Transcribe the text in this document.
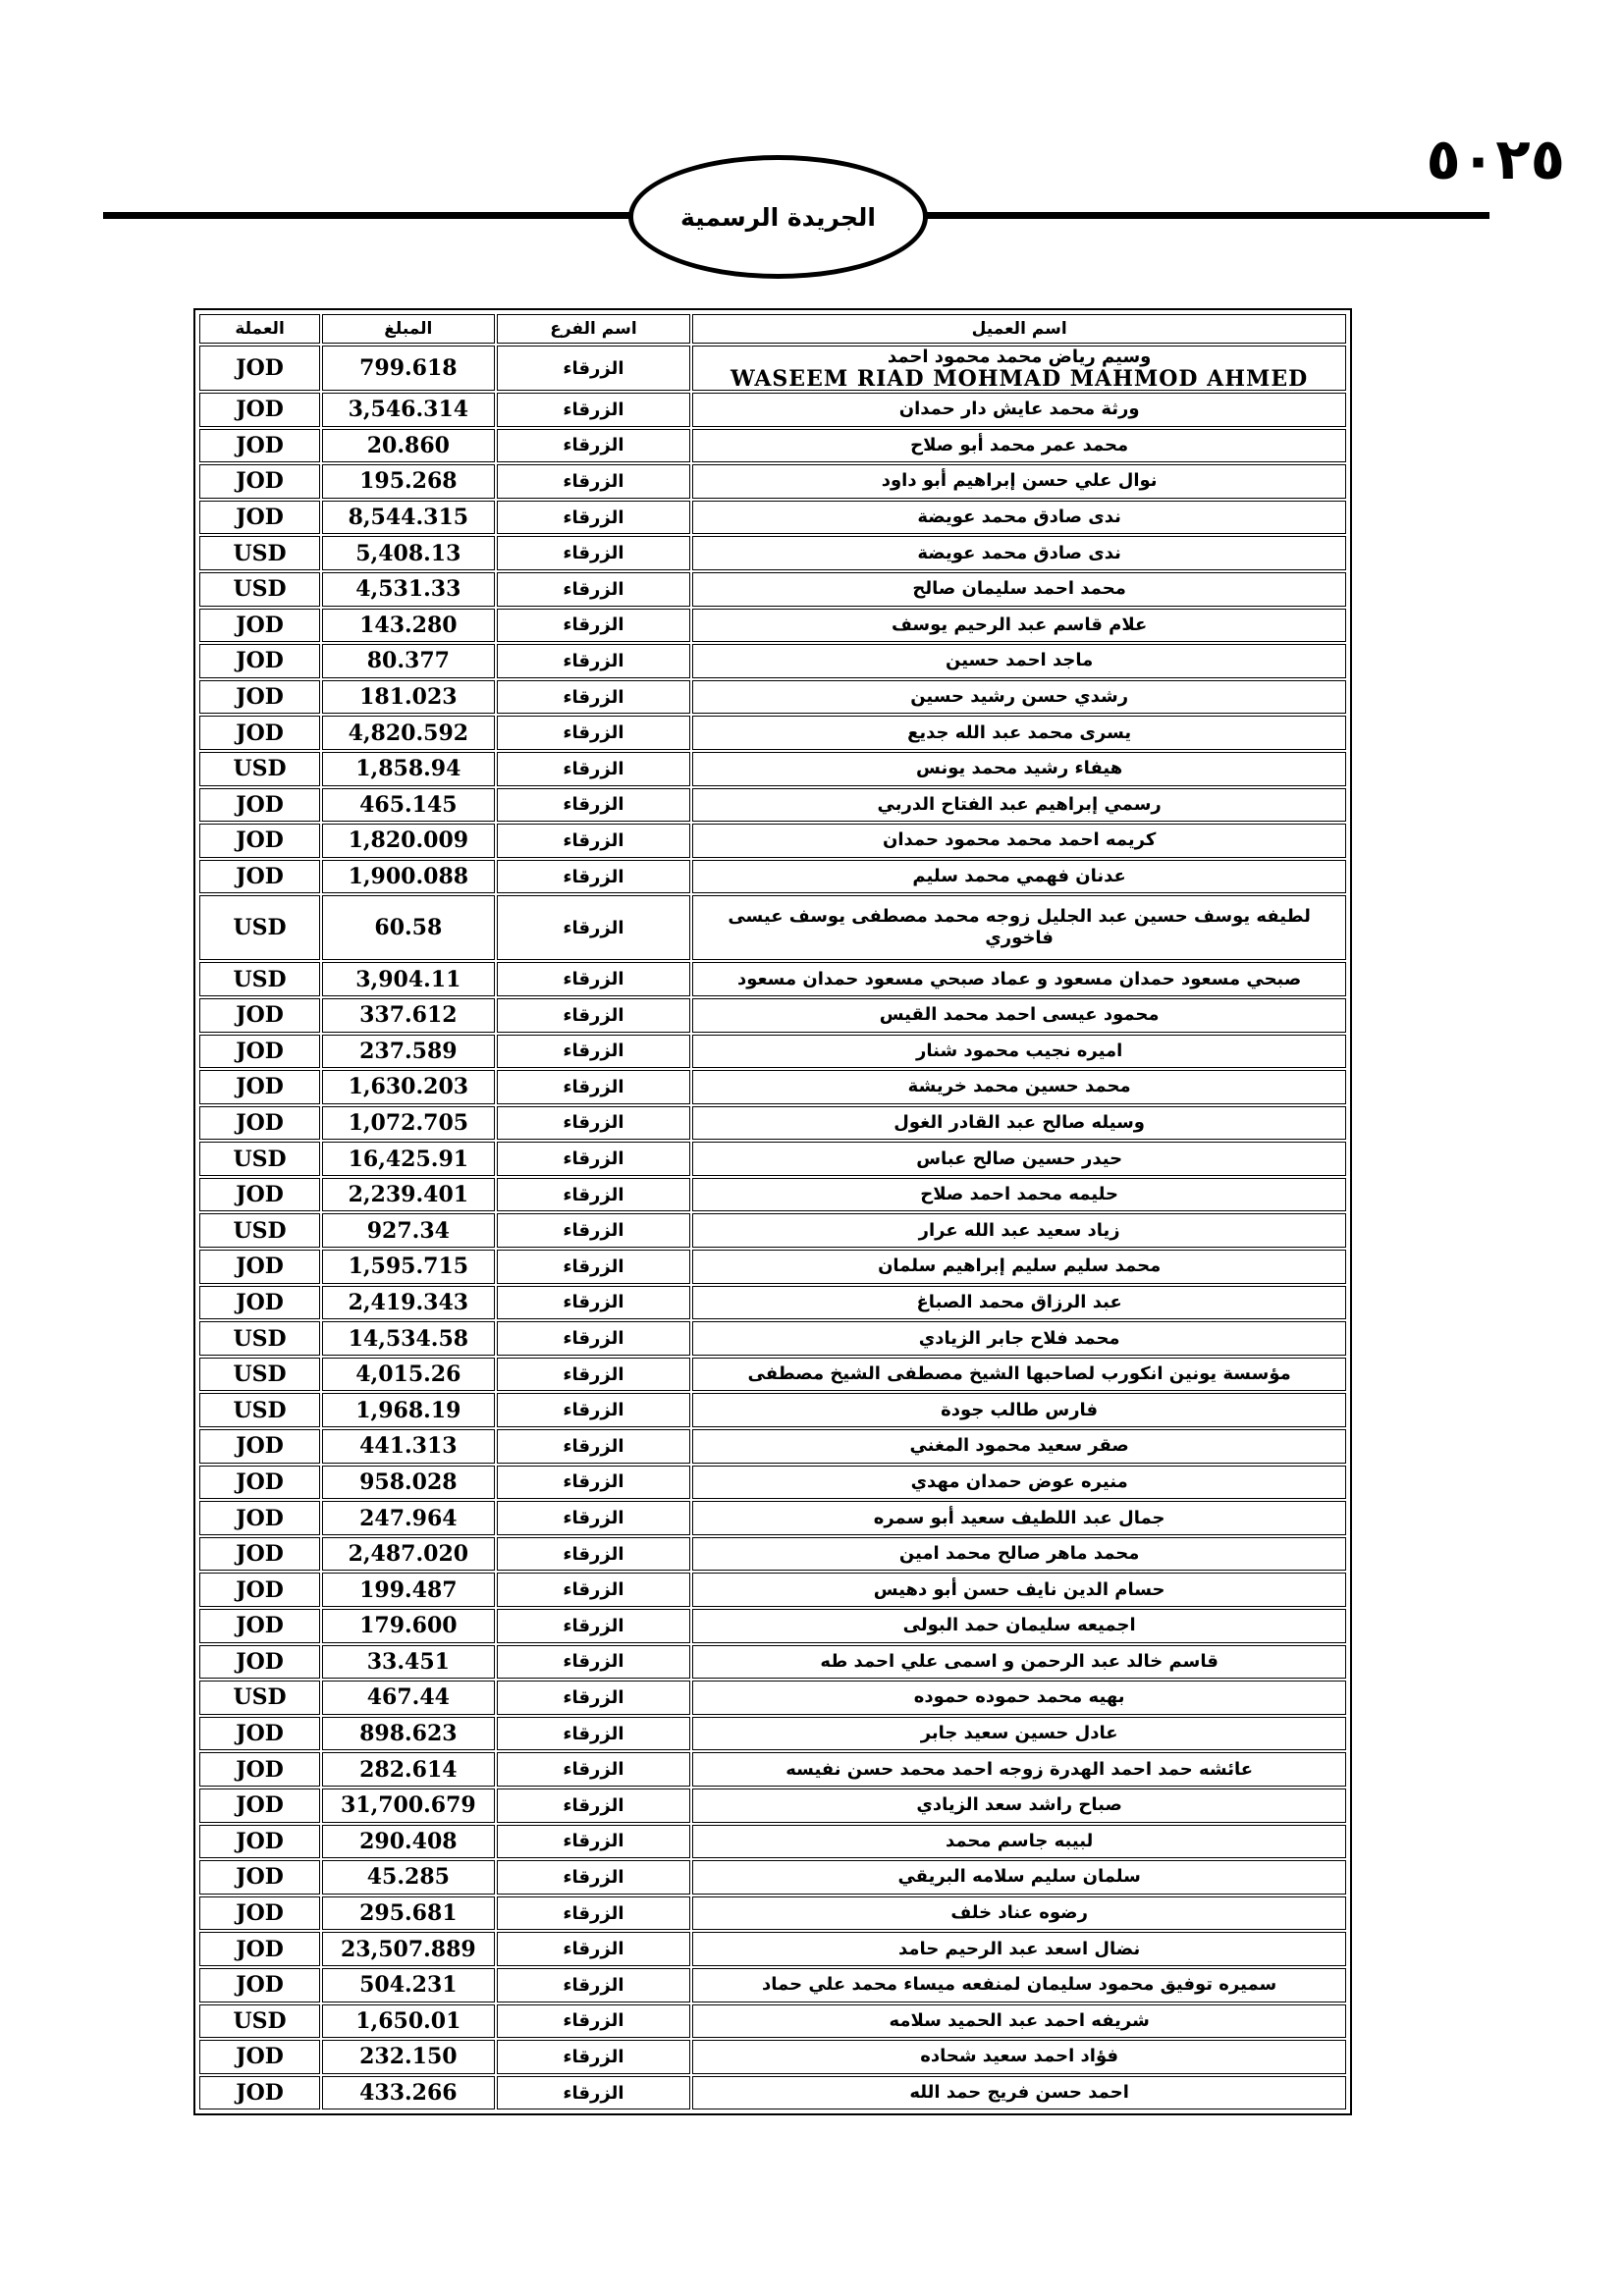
٥٠٢٥
الجريدة الرسمية
اسم العميل	اسم الفرع	المبلغ	العملة
وسيم رياض محمد محمود احمد
WASEEM RIAD MOHMAD MAHMOD AHMED	الزرقاء	799.618	JOD
ورثة محمد عايش دار حمدان	الزرقاء	3,546.314	JOD
محمد عمر محمد أبو صلاح	الزرقاء	20.860	JOD
نوال علي حسن إبراهيم أبو داود	الزرقاء	195.268	JOD
ندى صادق محمد عويضة	الزرقاء	8,544.315	JOD
ندى صادق محمد عويضة	الزرقاء	5,408.13	USD
محمد احمد سليمان صالح	الزرقاء	4,531.33	USD
علام قاسم عبد الرحيم يوسف	الزرقاء	143.280	JOD
ماجد احمد حسين	الزرقاء	80.377	JOD
رشدي حسن رشيد حسين	الزرقاء	181.023	JOD
يسرى محمد عبد الله جديع	الزرقاء	4,820.592	JOD
هيفاء رشيد محمد يونس	الزرقاء	1,858.94	USD
رسمي إبراهيم عبد الفتاح الدربي	الزرقاء	465.145	JOD
كريمه احمد محمد محمود حمدان	الزرقاء	1,820.009	JOD
عدنان فهمي محمد سليم	الزرقاء	1,900.088	JOD
لطيفه يوسف حسين عبد الجليل زوجه محمد مصطفى يوسف عيسى فاخوري	الزرقاء	60.58	USD
صبحي مسعود حمدان مسعود و عماد صبحي مسعود حمدان مسعود	الزرقاء	3,904.11	USD
محمود عيسى احمد محمد القيس	الزرقاء	337.612	JOD
اميره نجيب محمود شنار	الزرقاء	237.589	JOD
محمد حسين محمد خريشة	الزرقاء	1,630.203	JOD
وسيله صالح عبد القادر الغول	الزرقاء	1,072.705	JOD
حيدر حسين صالح عباس	الزرقاء	16,425.91	USD
حليمه محمد احمد صلاح	الزرقاء	2,239.401	JOD
زياد سعيد عبد الله عرار	الزرقاء	927.34	USD
محمد سليم سليم إبراهيم سلمان	الزرقاء	1,595.715	JOD
عبد الرزاق محمد الصباغ	الزرقاء	2,419.343	JOD
محمد فلاح جابر الزيادي	الزرقاء	14,534.58	USD
مؤسسة يونين انكورب لصاحبها الشيخ مصطفى الشيخ مصطفى	الزرقاء	4,015.26	USD
فارس طالب جودة	الزرقاء	1,968.19	USD
صقر سعيد محمود المغني	الزرقاء	441.313	JOD
منيره عوض حمدان مهدي	الزرقاء	958.028	JOD
جمال عبد اللطيف سعيد أبو سمره	الزرقاء	247.964	JOD
محمد ماهر صالح محمد امين	الزرقاء	2,487.020	JOD
حسام الدين نايف حسن أبو دهيس	الزرقاء	199.487	JOD
اجميعه سليمان حمد البولى	الزرقاء	179.600	JOD
قاسم خالد عبد الرحمن و اسمى علي احمد طه	الزرقاء	33.451	JOD
بهيه محمد حموده حموده	الزرقاء	467.44	USD
عادل حسين سعيد جابر	الزرقاء	898.623	JOD
عائشه حمد احمد الهدرة زوجه احمد محمد حسن نفيسه	الزرقاء	282.614	JOD
صباح راشد سعد الزيادي	الزرقاء	31,700.679	JOD
لبيبه جاسم محمد	الزرقاء	290.408	JOD
سلمان سليم سلامه البريقي	الزرقاء	45.285	JOD
رضوه عناد خلف	الزرقاء	295.681	JOD
نضال اسعد عبد الرحيم حامد	الزرقاء	23,507.889	JOD
سميره توفيق محمود سليمان لمنفعه ميساء محمد علي حماد	الزرقاء	504.231	JOD
شريفه احمد عبد الحميد سلامه	الزرقاء	1,650.01	USD
فؤاد احمد سعيد شحاده	الزرقاء	232.150	JOD
احمد حسن فريج حمد الله	الزرقاء	433.266	JOD
